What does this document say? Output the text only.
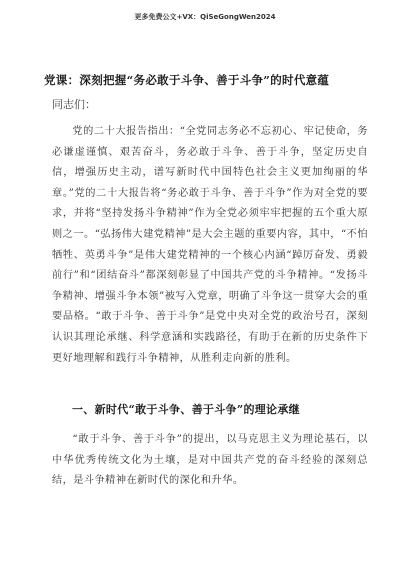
更多免费公文+VX：QiSeGongWen2024
党课：深刻把握“务必敢于斗争、善于斗争”的时代意蕴
同志们：

党的二十大报告指出：“全党同志务必不忘初心、牢记使命，务必谦虚谨慎、艰苦奋斗，务必敢于斗争、善于斗争，坚定历史自信，增强历史主动，谱写新时代中国特色社会主义更加绚丽的华章。”党的二十大报告将“务必敢于斗争、善于斗争”作为对全党的要求，并将“坚持发扬斗争精神”作为全党必须牢牢把握的五个重大原则之一。“弘扬伟大建党精神”是大会主题的重要内容，其中，“不怕牺牲、英勇斗争”是伟大建党精神的一个核心内涵“踔厉奋发、勇毅前行”和“团结奋斗”都深刻彰显了中国共产党的斗争精神。“发扬斗争精神、增强斗争本领”被写入党章，明确了斗争这一贯穿大会的重要品格。“敢于斗争、善于斗争”是党中央对全党的政治号召，深刻认识其理论承继、科学意涵和实践路径，有助于在新的历史条件下更好地理解和践行斗争精神，从胜利走向新的胜利。

一、新时代“敢于斗争、善于斗争”的理论承继

“敢于斗争、善于斗争”的提出，以马克思主义为理论基石，以中华优秀传统文化为土壤，是对中国共产党的奋斗经验的深刻总结，是斗争精神在新时代的深化和升华。
